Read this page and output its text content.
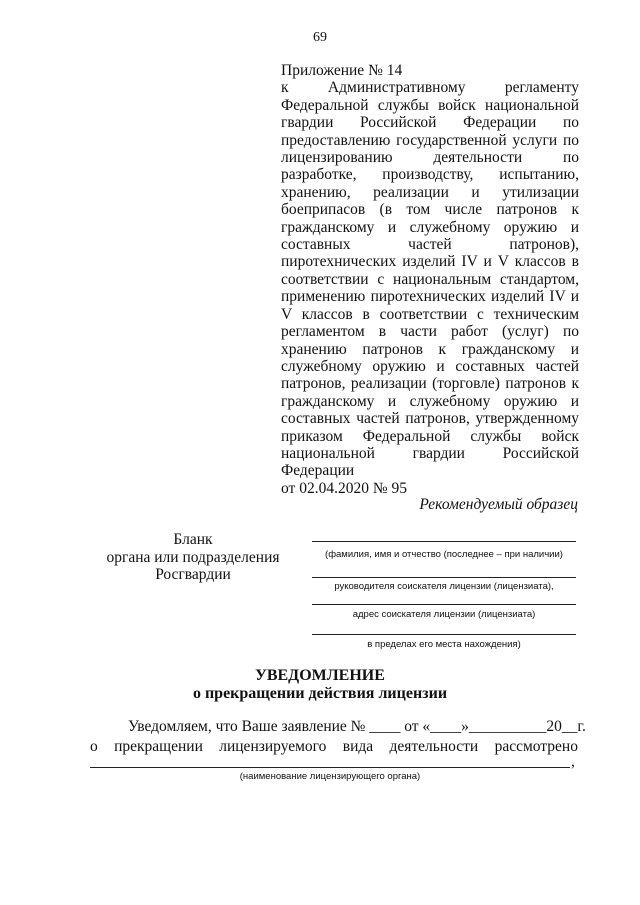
69
Приложение № 14
к Административному регламенту Федеральной службы войск национальной гвардии Российской Федерации по предоставлению государственной услуги по лицензированию деятельности по разработке, производству, испытанию, хранению, реализации и утилизации боеприпасов (в том числе патронов к гражданскому и служебному оружию и составных частей патронов), пиротехнических изделий IV и V классов в соответствии с национальным стандартом, применению пиротехнических изделий IV и V классов в соответствии с техническим регламентом в части работ (услуг) по хранению патронов к гражданскому и служебному оружию и составных частей патронов, реализации (торговле) патронов к гражданскому и служебному оружию и составных частей патронов, утвержденному приказом Федеральной службы войск национальной гвардии Российской Федерации
от 02.04.2020 № 95
Рекомендуемый образец
Бланк
органа или подразделения
Росгвардии
(фамилия, имя и отчество (последнее – при наличии)
руководителя соискателя лицензии (лицензиата),
адрес соискателя лицензии (лицензиата)
в пределах его места нахождения)
УВЕДОМЛЕНИЕ
о прекращении действия лицензии
Уведомляем, что Ваше заявление № ____ от «____»__________20__г.
о прекращении лицензируемого вида деятельности рассмотрено
,
(наименование лицензирующего органа)
